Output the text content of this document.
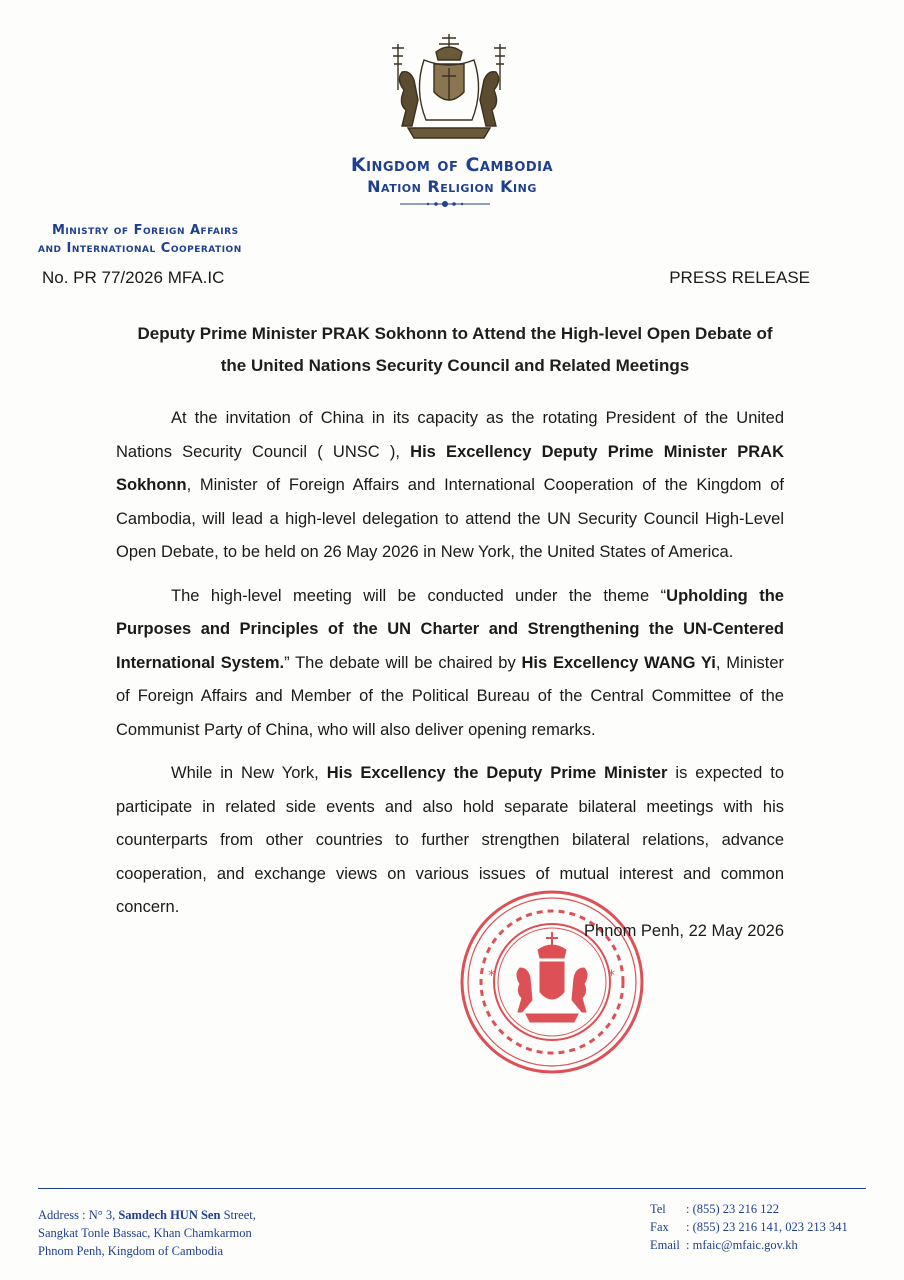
Kingdom of Cambodia
Nation Religion King
Ministry of Foreign Affairs
and International Cooperation
No. PR 77/2026 MFA.IC	PRESS RELEASE
Deputy Prime Minister PRAK Sokhonn to Attend the High-level Open Debate of
the United Nations Security Council and Related Meetings

At the invitation of China in its capacity as the rotating President of the United Nations Security Council ( UNSC ), His Excellency Deputy Prime Minister PRAK Sokhonn, Minister of Foreign Affairs and International Cooperation of the Kingdom of Cambodia, will lead a high-level delegation to attend the UN Security Council High-Level Open Debate, to be held on 26 May 2026 in New York, the United States of America.

The high-level meeting will be conducted under the theme “Upholding the Purposes and Principles of the UN Charter and Strengthening the UN-Centered International System.” The debate will be chaired by His Excellency WANG Yi, Minister of Foreign Affairs and Member of the Political Bureau of the Central Committee of the Communist Party of China, who will also deliver opening remarks.

While in New York, His Excellency the Deputy Prime Minister is expected to participate in related side events and also hold separate bilateral meetings with his counterparts from other countries to further strengthen bilateral relations, advance cooperation, and exchange views on various issues of mutual interest and common concern.

*	*
Phnom Penh, 22 May 2026
Address : N° 3, Samdech HUN Sen Street,
Sangkat Tonle Bassac, Khan Chamkarmon
Phnom Penh, Kingdom of Cambodia
Tel : (855) 23 216 122
Fax : (855) 23 216 141, 023 213 341
Email : mfaic@mfaic.gov.kh
